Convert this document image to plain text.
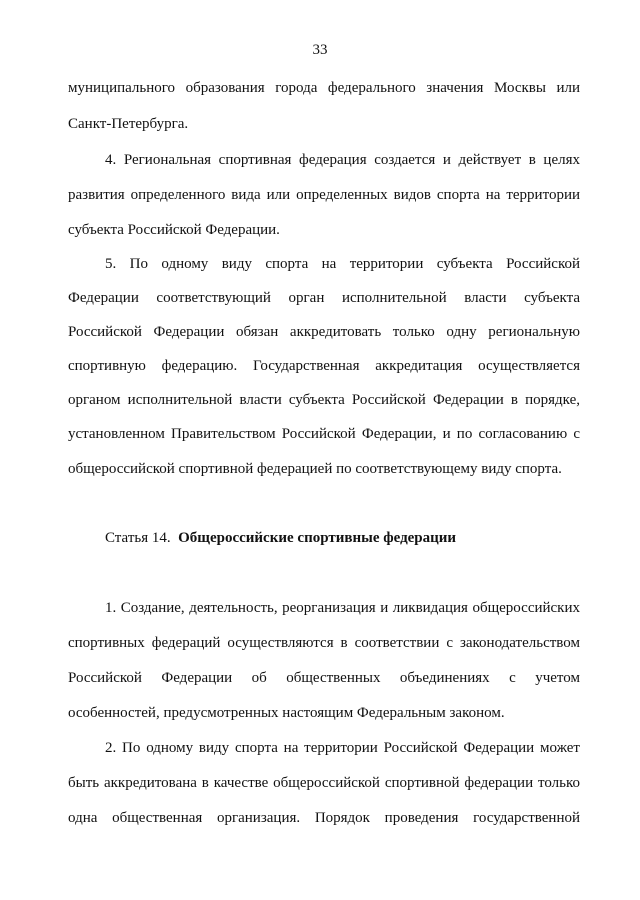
33
муниципального образования города федерального значения Москвы или
Санкт-Петербурга.
4. Региональная спортивная федерация создается и действует в целях
развития определенного вида или определенных видов спорта на территории
субъекта Российской Федерации.
5. По одному виду спорта на территории субъекта Российской
Федерации соответствующий орган исполнительной власти субъекта
Российской Федерации обязан аккредитовать только одну региональную
спортивную федерацию. Государственная аккредитация осуществляется
органом исполнительной власти субъекта Российской Федерации в порядке,
установленном Правительством Российской Федерации, и по согласованию с
общероссийской спортивной федерацией по соответствующему виду спорта.
Статья 14. Общероссийские спортивные федерации
1. Создание, деятельность, реорганизация и ликвидация общероссийских
спортивных федераций осуществляются в соответствии с законодательством
Российской Федерации об общественных объединениях с учетом
особенностей, предусмотренных настоящим Федеральным законом.
2. По одному виду спорта на территории Российской Федерации может
быть аккредитована в качестве общероссийской спортивной федерации только
одна общественная организация. Порядок проведения государственной
